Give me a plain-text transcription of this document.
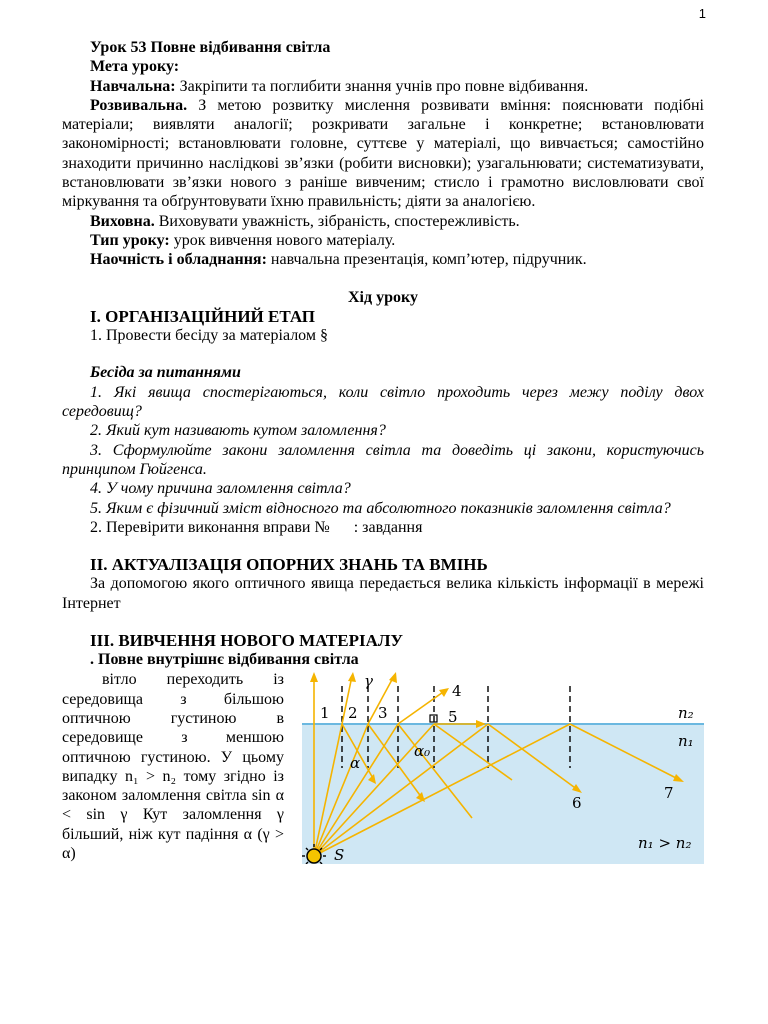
1

Урок 53 Повне відбивання світла

Мета уроку:

Навчальна: Закріпити та поглибити знання учнів про повне відбивання.

Розвивальна. З метою розвитку мислення розвивати вміння: пояснювати подібні матеріали; виявляти аналогії; розкривати загальне і конкретне; встановлювати закономірності; встановлювати головне, суттєве у матеріалі, що вивчається; самостійно знаходити причинно наслідкові зв’язки (робити висновки); узагальнювати; систематизувати, встановлювати зв’язки нового з раніше вивченим; стисло і грамотно висловлювати свої міркування та обґрунтовувати їхню правильність; діяти за аналогією.

Виховна. Виховувати уважність, зібраність, спостережливість.

Тип уроку: урок вивчення нового матеріалу.

Наочність і обладнання: навчальна презентація, комп’ютер, підручник.

Хід уроку

І. ОРГАНІЗАЦІЙНИЙ ЕТАП

1. Провести бесіду за матеріалом §

Бесіда за питаннями

1. Які явища спостерігаються, коли світло проходить через межу поділу двох середовищ?

2. Який кут називають кутом заломлення?

3. Сформулюйте закони заломлення світла та доведіть ці закони, користуючись принципом Гюйгенса.

4. У чому причина заломлення світла?

5. Яким є фізичний зміст відносного та абсолютного показників заломлення світла?

2. Перевірити виконання вправи №      : завдання

ІІ. АКТУАЛІЗАЦІЯ ОПОРНИХ ЗНАНЬ ТА ВМІНЬ

За допомогою якого оптичного явища передається велика кількість інформації в мережі Інтернет

ІІІ. ВИВЧЕННЯ НОВОГО МАТЕРІАЛУ

. Повне внутрішнє відбивання світла

вітло переходить із середовища з більшою оптичною густиною в середовище з меншою оптичною густиною. У цьому випадку n₁ > n₂ тому згідно із законом заломлення світла sin α < sin γ Кут заломлення γ більший, ніж кут падіння α (γ > α)

1 2 3
4
5
6
7
γ
α
α₀
n₂
n₁
n₁ > n₂
S
